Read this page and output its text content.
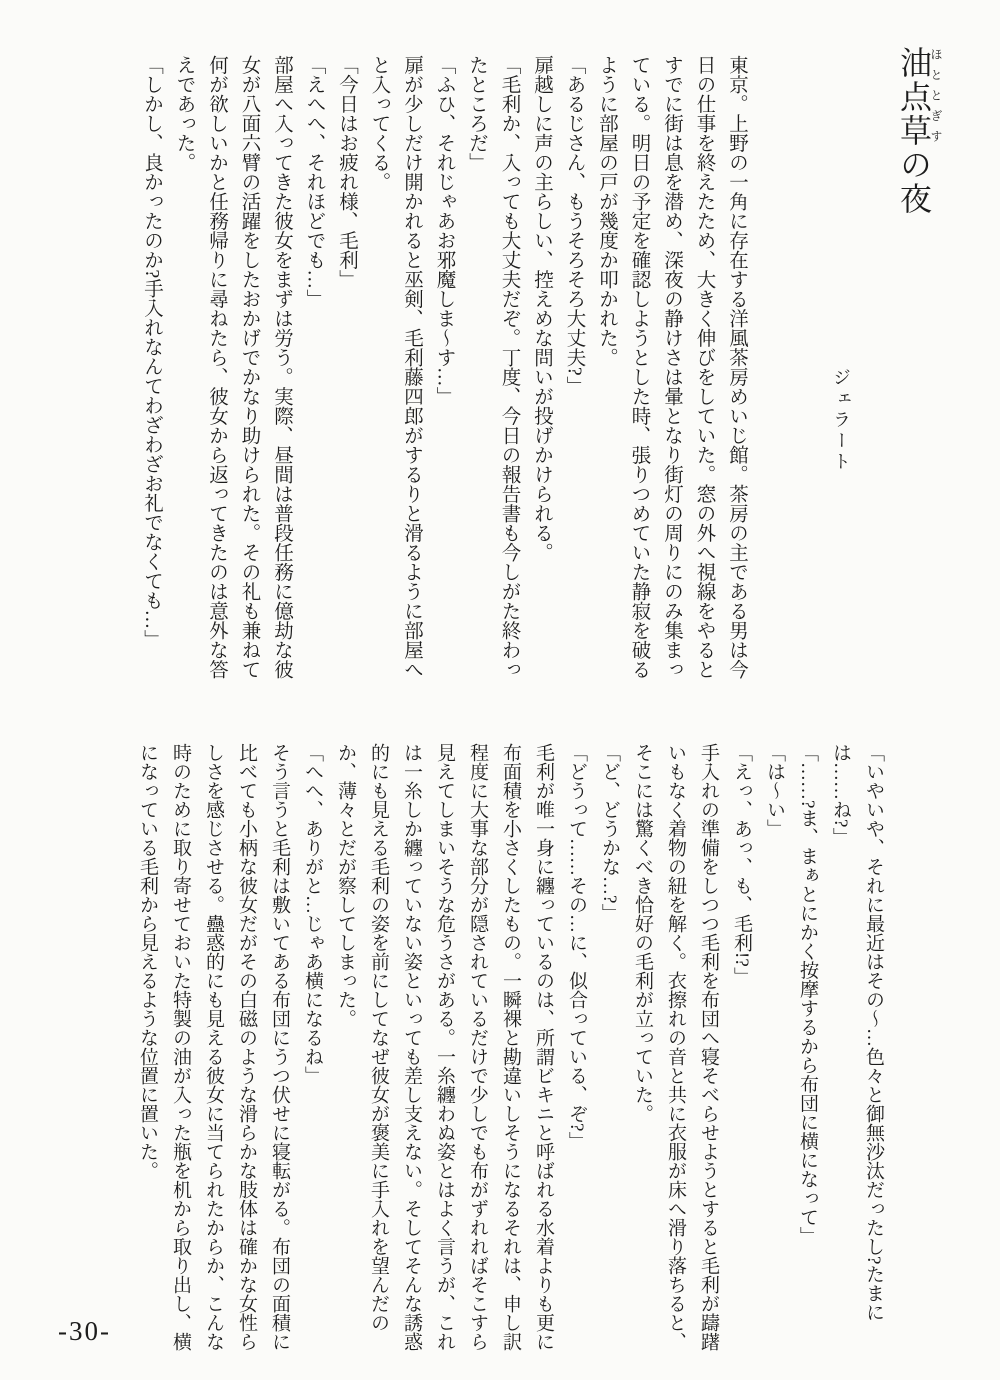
油点草ほととぎすの夜
ジェラート

東京。上野の一角に存在する洋風茶房めいじ館。茶房の主である男は今日の仕事を終えたため、大きく伸びをしていた。窓の外へ視線をやるとすでに街は息を潜め、深夜の静けさは暈となり街灯の周りにのみ集まっている。明日の予定を確認しようとした時、張りつめていた静寂を破るように部屋の戸が幾度か叩かれた。

「あるじさん、もうそろそろ大丈夫?」

扉越しに声の主らしい、控えめな問いが投げかけられる。

「毛利か、入っても大丈夫だぞ。丁度、今日の報告書も今しがた終わったところだ」

「ふひ、それじゃあお邪魔しま〜す…」

扉が少しだけ開かれると巫剣、毛利藤四郎がするりと滑るように部屋へと入ってくる。

「今日はお疲れ様、毛利」

「えへへ、それほどでも…」

部屋へ入ってきた彼女をまずは労う。実際、昼間は普段任務に億劫な彼女が八面六臂の活躍をしたおかげでかなり助けられた。その礼も兼ねて何が欲しいかと任務帰りに尋ねたら、彼女から返ってきたのは意外な答えであった。

「しかし、良かったのか?手入れなんてわざわざお礼でなくても…」

「いやいや、それに最近はその〜…色々と御無沙汰だったし?たまには……ね?」

「……?ま、まぁとにかく按摩するから布団に横になって」

「は〜い」

「えっ、あっ、も、毛利!?」

手入れの準備をしつつ毛利を布団へ寝そべらせようとすると毛利が躊躇いもなく着物の紐を解く。衣擦れの音と共に衣服が床へ滑り落ちると、そこには驚くべき恰好の毛利が立っていた。

「ど、どうかな…?」

「どうって……その…に、似合っている、ぞ?」

毛利が唯一身に纏っているのは、所謂ビキニと呼ばれる水着よりも更に布面積を小さくしたもの。一瞬裸と勘違いしそうになるそれは、申し訳程度に大事な部分が隠されているだけで少しでも布がずれればそこすら見えてしまいそうな危うさがある。一糸纏わぬ姿とはよく言うが、これは一糸しか纏っていない姿といっても差し支えない。そしてそんな誘惑的にも見える毛利の姿を前にしてなぜ彼女が褒美に手入れを望んだのか、薄々とだが察してしまった。

「へへ、ありがと…じゃあ横になるね」

そう言うと毛利は敷いてある布団にうつ伏せに寝転がる。布団の面積に比べても小柄な彼女だがその白磁のような滑らかな肢体は確かな女性らしさを感じさせる。蠱惑的にも見える彼女に当てられたからか、こんな時のために取り寄せておいた特製の油が入った瓶を机から取り出し、横になっている毛利から見えるような位置に置いた。

-30-
